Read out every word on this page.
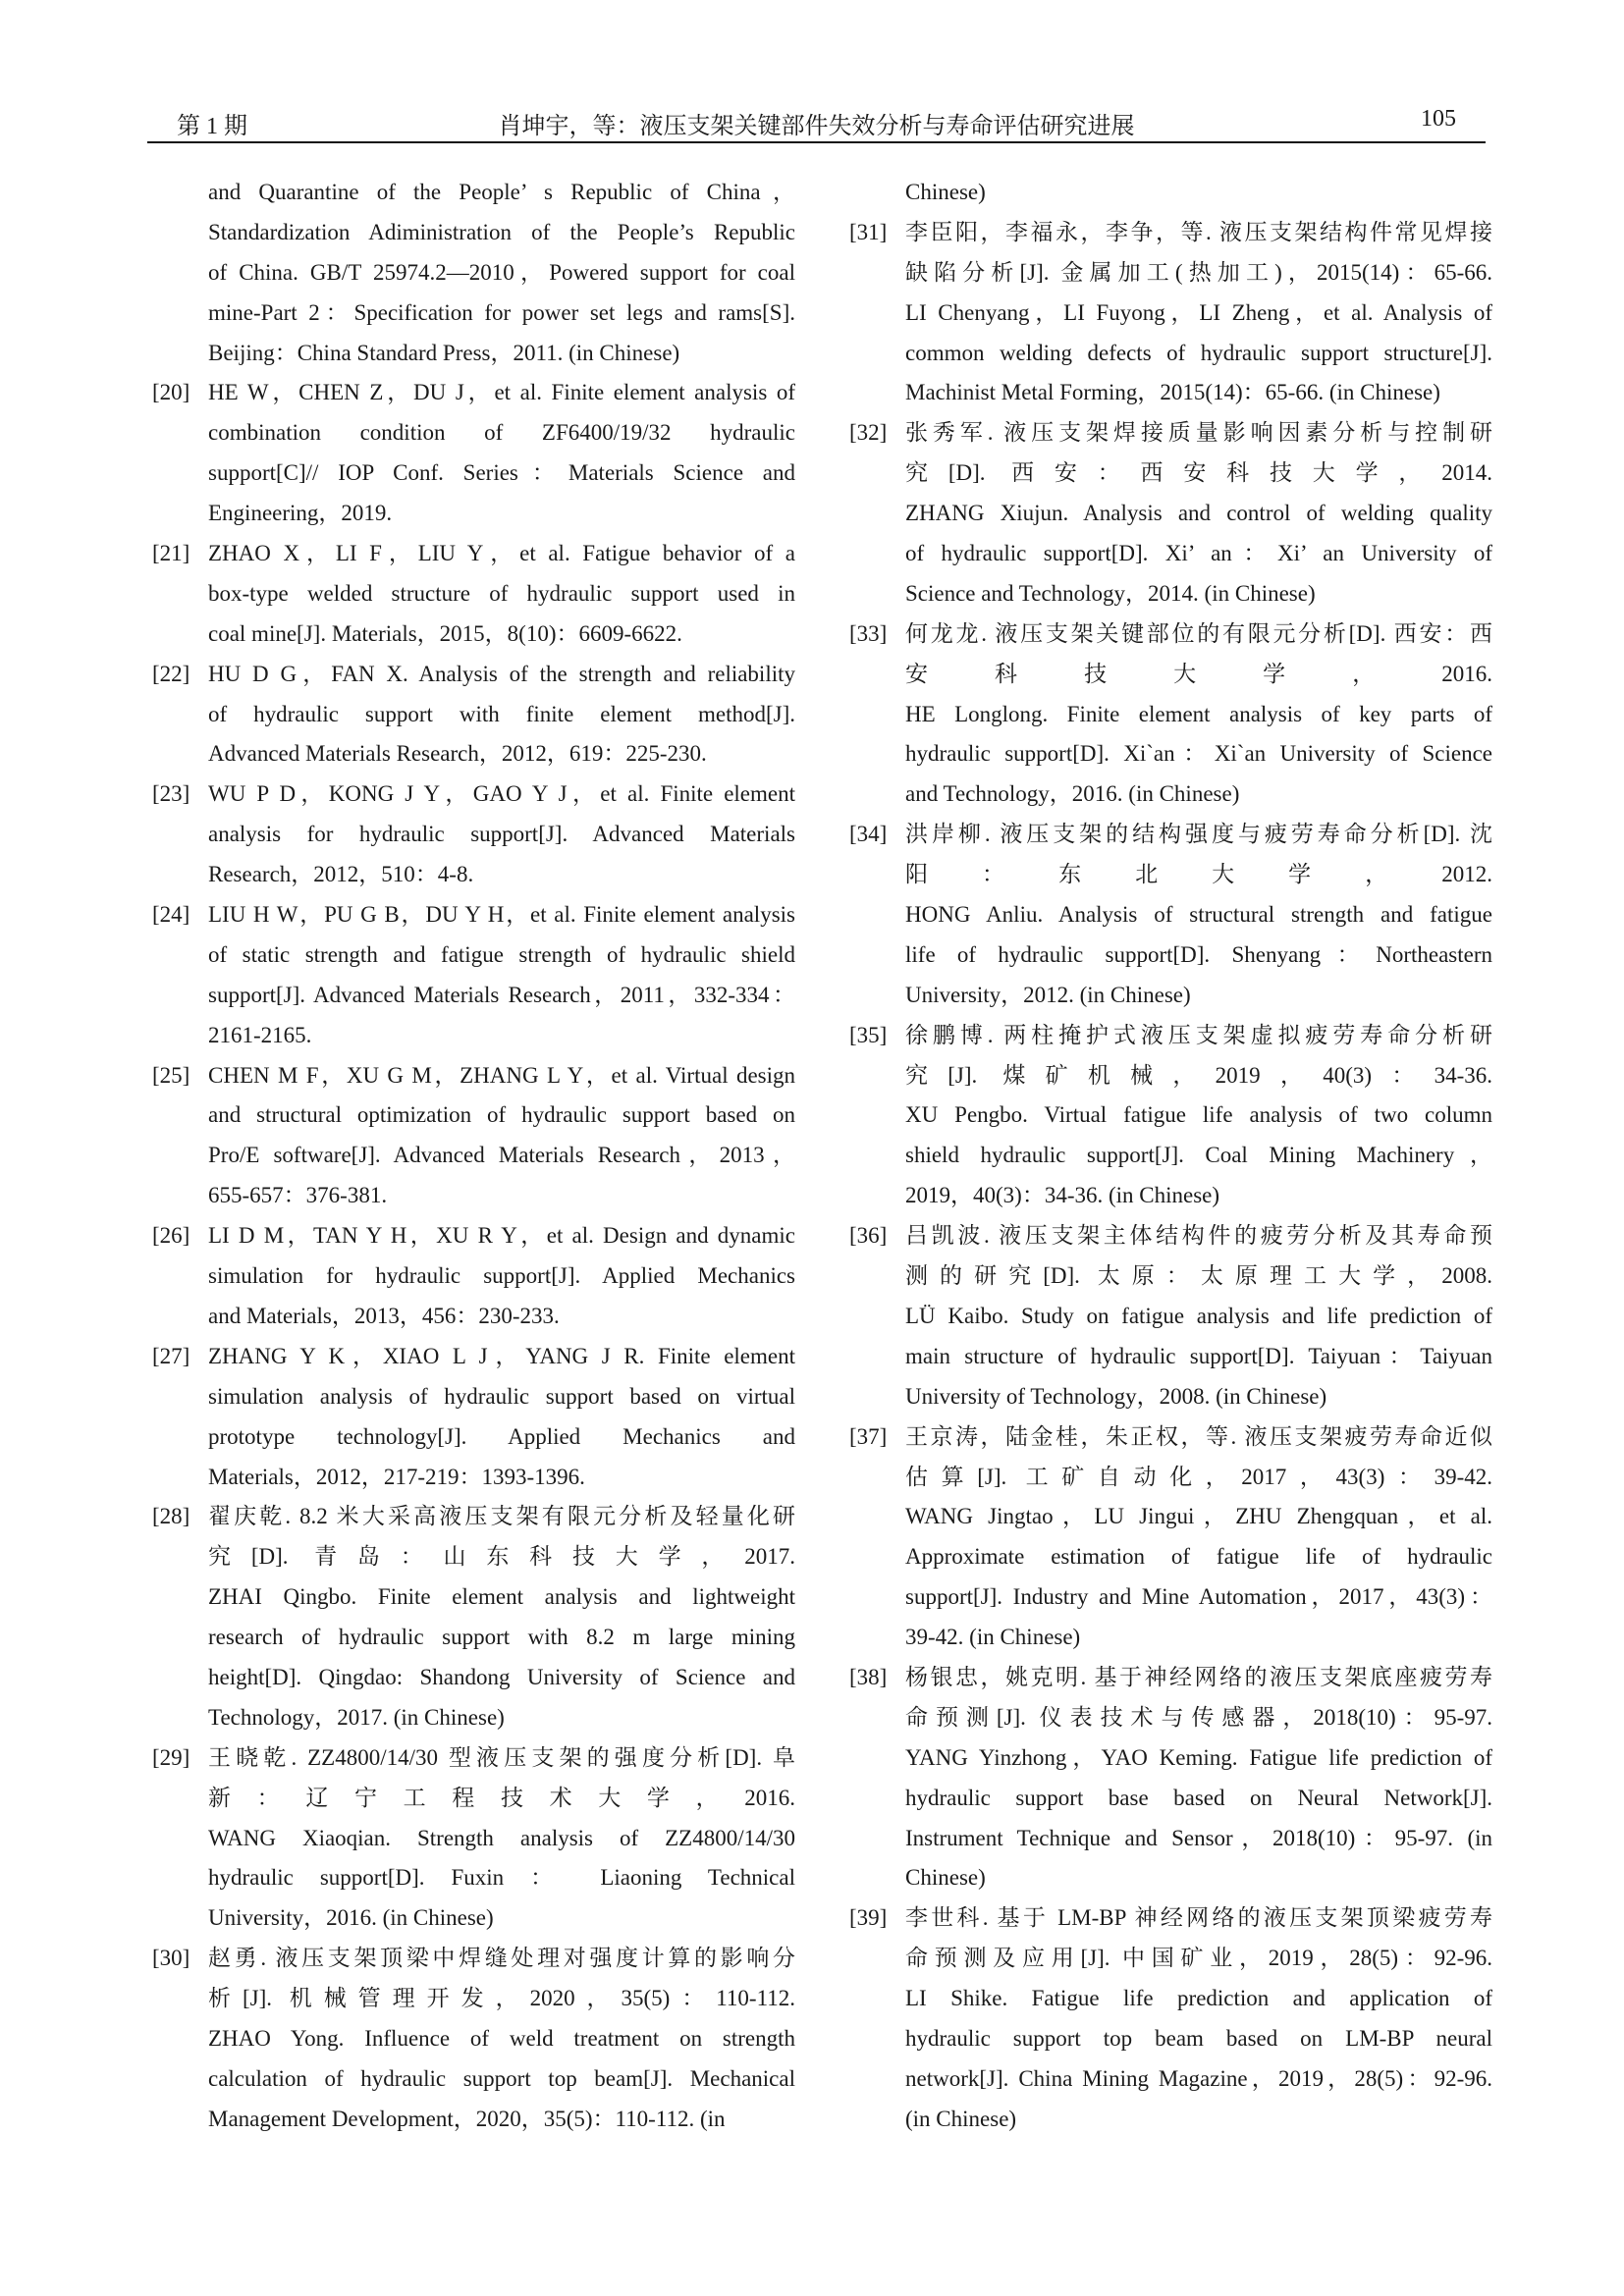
第 1 期	肖坤宇，等：液压支架关键部件失效分析与寿命评估研究进展	105
and Quarantine of the People’ s Republic of China，
Standardization Adiministration of the People’s Republic
of China. GB/T 25974.2—2010，Powered support for coal
mine-Part 2：Specification for power set legs and rams[S].
Beijing：China Standard Press，2011. (in Chinese)
[20] HE W，CHEN Z，DU J，et al. Finite element analysis of
combination condition of ZF6400/19/32 hydraulic
support[C]// IOP Conf. Series：Materials Science and
Engineering，2019.
[21] ZHAO X，LI F，LIU Y，et al. Fatigue behavior of a
box-type welded structure of hydraulic support used in
coal mine[J]. Materials，2015，8(10)：6609-6622.
[22] HU D G，FAN X. Analysis of the strength and reliability
of hydraulic support with finite element method[J].
Advanced Materials Research，2012，619：225-230.
[23] WU P D，KONG J Y，GAO Y J，et al. Finite element
analysis for hydraulic support[J]. Advanced Materials
Research，2012，510：4-8.
[24] LIU H W，PU G B，DU Y H，et al. Finite element analysis
of static strength and fatigue strength of hydraulic shield
support[J]. Advanced Materials Research，2011，332-334：
2161-2165.
[25] CHEN M F，XU G M，ZHANG L Y，et al. Virtual design
and structural optimization of hydraulic support based on
Pro/E software[J]. Advanced Materials Research，2013，
655-657：376-381.
[26] LI D M，TAN Y H，XU R Y，et al. Design and dynamic
simulation for hydraulic support[J]. Applied Mechanics
and Materials，2013，456：230-233.
[27] ZHANG Y K，XIAO L J，YANG J R. Finite element
simulation analysis of hydraulic support based on virtual
prototype technology[J]. Applied Mechanics and
Materials，2012，217-219：1393-1396.
[28] 翟庆乾. 8.2 米大采高液压支架有限元分析及轻量化研
究[D]. 青岛：山东科技大学，2017.
ZHAI Qingbo. Finite element analysis and lightweight
research of hydraulic support with 8.2 m large mining
height[D]. Qingdao: Shandong University of Science and
Technology，2017. (in Chinese)
[29] 王晓乾. ZZ4800/14/30 型液压支架的强度分析[D]. 阜
新：辽宁工程技术大学，2016.
WANG Xiaoqian. Strength analysis of ZZ4800/14/30
hydraulic support[D]. Fuxin ： Liaoning Technical
University，2016. (in Chinese)
[30] 赵勇. 液压支架顶梁中焊缝处理对强度计算的影响分
析[J]. 机械管理开发，2020，35(5)：110-112.
ZHAO Yong. Influence of weld treatment on strength
calculation of hydraulic support top beam[J]. Mechanical
Management Development，2020，35(5)：110-112. (in
Chinese)
[31] 李臣阳，李福永，李争，等. 液压支架结构件常见焊接
缺陷分析[J]. 金属加工(热加工)，2015(14)：65-66.
LI Chenyang，LI Fuyong，LI Zheng，et al. Analysis of
common welding defects of hydraulic support structure[J].
Machinist Metal Forming，2015(14)：65-66. (in Chinese)
[32] 张秀军. 液压支架焊接质量影响因素分析与控制研
究[D]. 西安：西安科技大学，2014.
ZHANG Xiujun. Analysis and control of welding quality
of hydraulic support[D]. Xi’ an：Xi’ an University of
Science and Technology，2014. (in Chinese)
[33] 何龙龙. 液压支架关键部位的有限元分析[D]. 西安：西
安科技大学，2016.
HE Longlong. Finite element analysis of key parts of
hydraulic support[D]. Xi`an：Xi`an University of Science
and Technology，2016. (in Chinese)
[34] 洪岸柳. 液压支架的结构强度与疲劳寿命分析[D]. 沈
阳：东北大学，2012.
HONG Anliu. Analysis of structural strength and fatigue
life of hydraulic support[D]. Shenyang：Northeastern
University，2012. (in Chinese)
[35] 徐鹏博. 两柱掩护式液压支架虚拟疲劳寿命分析研
究[J]. 煤矿机械，2019，40(3)：34-36.
XU Pengbo. Virtual fatigue life analysis of two column
shield hydraulic support[J]. Coal Mining Machinery，
2019，40(3)：34-36. (in Chinese)
[36] 吕凯波. 液压支架主体结构件的疲劳分析及其寿命预
测的研究[D]. 太原：太原理工大学，2008.
LÜ Kaibo. Study on fatigue analysis and life prediction of
main structure of hydraulic support[D]. Taiyuan：Taiyuan
University of Technology，2008. (in Chinese)
[37] 王京涛，陆金桂，朱正权，等. 液压支架疲劳寿命近似
估算[J]. 工矿自动化，2017，43(3)：39-42.
WANG Jingtao，LU Jingui，ZHU Zhengquan，et al.
Approximate estimation of fatigue life of hydraulic
support[J]. Industry and Mine Automation，2017，43(3)：
39-42. (in Chinese)
[38] 杨银忠，姚克明. 基于神经网络的液压支架底座疲劳寿
命预测[J]. 仪表技术与传感器，2018(10)：95-97.
YANG Yinzhong，YAO Keming. Fatigue life prediction of
hydraulic support base based on Neural Network[J].
Instrument Technique and Sensor，2018(10)：95-97. (in
Chinese)
[39] 李世科. 基于 LM-BP 神经网络的液压支架顶梁疲劳寿
命预测及应用[J]. 中国矿业，2019，28(5)：92-96.
LI Shike. Fatigue life prediction and application of
hydraulic support top beam based on LM-BP neural
network[J]. China Mining Magazine，2019，28(5)：92-96.
(in Chinese)
